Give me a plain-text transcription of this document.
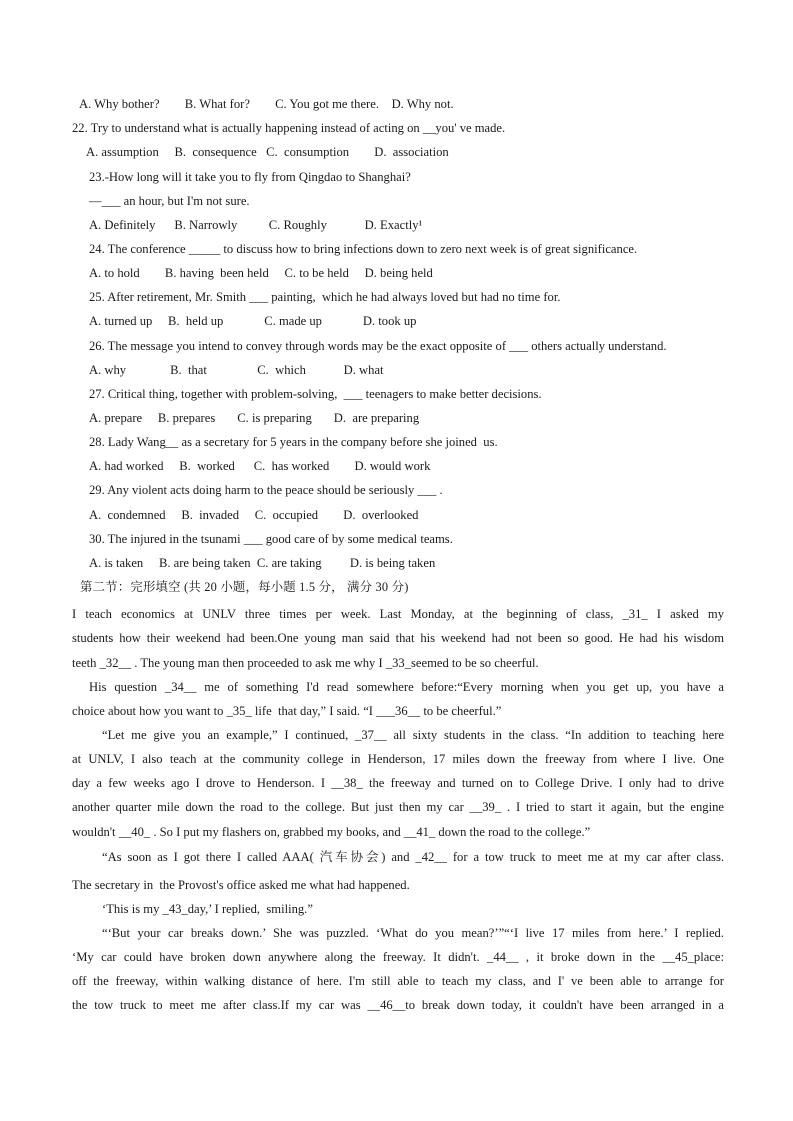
A. Why bother?        B. What for?        C. You got me there.    D. Why not.
22. Try to understand what is actually happening instead of acting on __you' ve made.
A. assumption     B.  consequence   C.  consumption        D.  association
23.-How long will it take you to fly from Qingdao to Shanghai?
—___ an hour, but I'm not sure.
A. Definitely      B. Narrowly          C. Roughly            D. Exactly¹
24. The conference _____ to discuss how to bring infections down to zero next week is of great significance.
A. to hold        B. having  been held     C. to be held     D. being held
25. After retirement, Mr. Smith ___ painting,  which he had always loved but had no time for.
A. turned up     B.  held up             C. made up             D. took up
26. The message you intend to convey through words may be the exact opposite of ___ others actually understand.
A. why              B.  that                C.  which            D. what
27. Critical thing, together with problem-solving,  ___ teenagers to make better decisions.
A. prepare     B. prepares       C. is preparing       D.  are preparing
28. Lady Wang__ as a secretary for 5 years in the company before she joined  us.
A. had worked     B.  worked      C.  has worked        D. would work
29. Any violent acts doing harm to the peace should be seriously ___ .
A.  condemned     B.  invaded     C.  occupied        D.  overlooked
30. The injured in the tsunami ___ good care of by some medical teams.
A. is taken     B. are being taken  C. are taking         D. is being taken
第二节：完形填空 (共 20 小题，每小题 1.5 分， 满分 30 分)
I teach economics at UNLV three times per week. Last Monday, at the beginning of class, _31_ I asked my
students how their weekend had been.One young man said that his weekend had not been so good. He had his wisdom
teeth _32__ . The young man then proceeded to ask me why I _33_seemed to be so cheerful.
His question _34__ me of something I'd read somewhere before:“Every morning when you get up, you have a
choice about how you want to _35_ life  that day,” I said. “I ___36__ to be cheerful.”
“Let me give you an example,” I continued, _37__ all sixty students in the class. “In addition to teaching here
at UNLV, I also teach at the community college in Henderson, 17 miles down the freeway from where I live. One
day a few weeks ago I drove to Henderson. I __38_ the freeway and turned on to College Drive. I only had to drive
another quarter mile down the road to the college. But just then my car __39_ . I tried to start it again, but the engine
wouldn't __40_ . So I put my flashers on, grabbed my books, and __41_ down the road to the college.”
“As soon as I got there I called AAA( 汽车协会) and _42__ for a tow truck to meet me at my car after class.
The secretary in  the Provost's office asked me what had happened.
‘This is my _43_day,’ I replied,  smiling.”
“‘But your car breaks down.’ She was puzzled. ‘What do you mean?’”“‘I live 17 miles from here.’ I replied.
‘My car could have broken down anywhere along the freeway. It didn't. _44__ , it broke down in the __45_place:
off the freeway, within walking distance of here. I'm still able to teach my class, and I' ve been able to arrange for
the tow truck to meet me after class.If my car was __46__to break down today, it couldn't have been arranged in a
